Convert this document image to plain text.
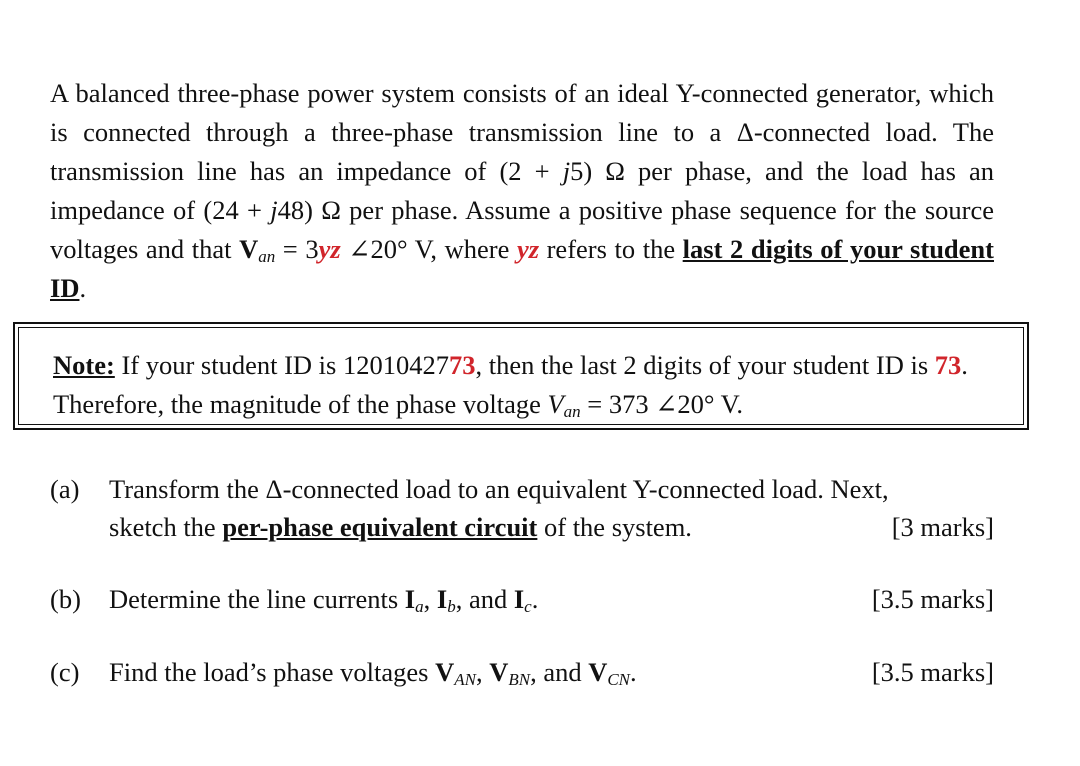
A balanced three-phase power system consists of an ideal Y-connected generator, which is connected through a three-phase transmission line to a Δ-connected load. The transmission line has an impedance of (2 + j5) Ω per phase, and the load has an impedance of (24 + j48) Ω per phase. Assume a positive phase sequence for the source voltages and that $V_{an} = 3yz$ ∠20° V, where yz refers to the last 2 digits of your student ID.
Note: If your student ID is 1201042773, then the last 2 digits of your student ID is 73. Therefore, the magnitude of the phase voltage $V_{an} = 373$ ∠20° V.
(a) Transform the Δ-connected load to an equivalent Y-connected load. Next,
sketch the per-phase equivalent circuit of the system.	[3 marks]
(b) Determine the line currents $I_a$, $I_b$, and $I_c$.	[3.5 marks]
(c) Find the load’s phase voltages $V_{AN}$, $V_{BN}$, and $V_{CN}$.	[3.5 marks]
